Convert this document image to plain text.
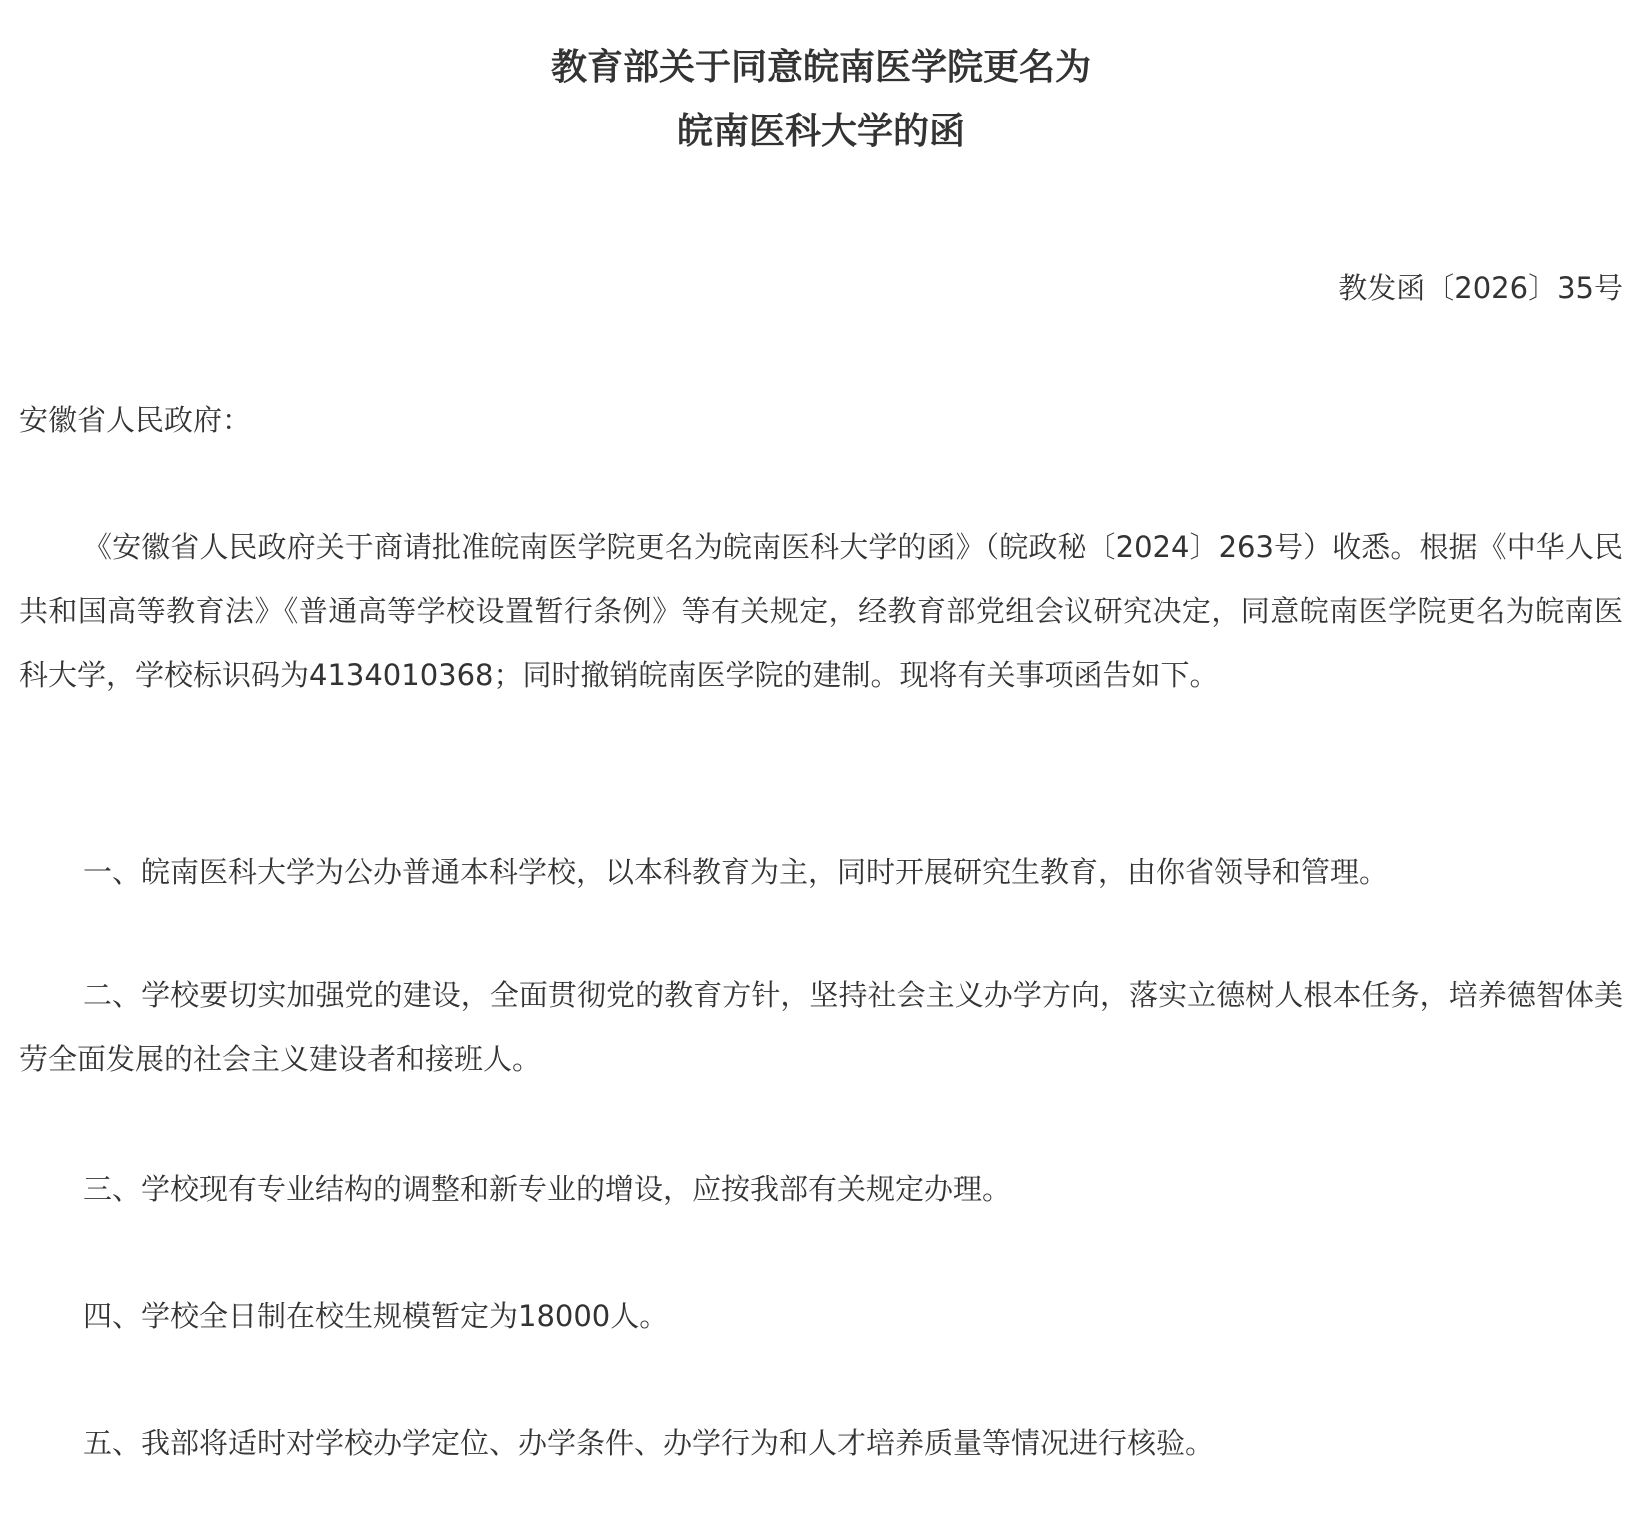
教育部关于同意皖南医学院更名为
皖南医科大学的函
教发函〔2026〕35号
安徽省人民政府：

《安徽省人民政府关于商请批准皖南医学院更名为皖南医科大学的函》（皖政秘〔2024〕263号）收悉。根据《中华人民共和国高等教育法》《普通高等学校设置暂行条例》等有关规定，经教育部党组会议研究决定，同意皖南医学院更名为皖南医科大学，学校标识码为4134010368；同时撤销皖南医学院的建制。现将有关事项函告如下。

一、皖南医科大学为公办普通本科学校，以本科教育为主，同时开展研究生教育，由你省领导和管理。

二、学校要切实加强党的建设，全面贯彻党的教育方针，坚持社会主义办学方向，落实立德树人根本任务，培养德智体美劳全面发展的社会主义建设者和接班人。

三、学校现有专业结构的调整和新专业的增设，应按我部有关规定办理。

四、学校全日制在校生规模暂定为18000人。

五、我部将适时对学校办学定位、办学条件、办学行为和人才培养质量等情况进行核验。
